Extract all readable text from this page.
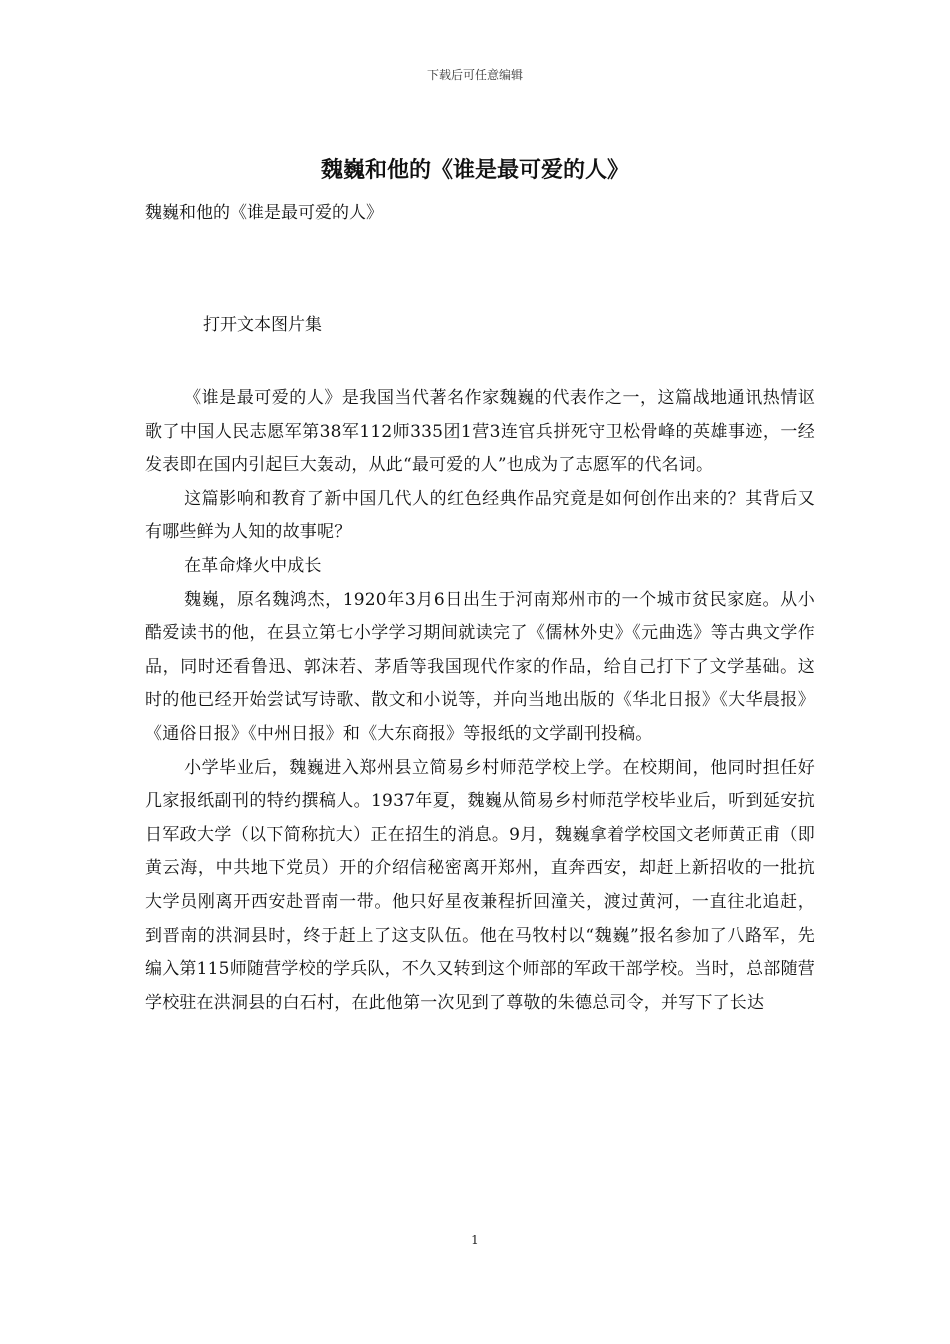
下载后可任意编辑
魏巍和他的《谁是最可爱的人》

魏巍和他的《谁是最可爱的人》

打开文本图片集

《谁是最可爱的人》是我国当代著名作家魏巍的代表作之一，这篇战地通讯热情讴歌了中国人民志愿军第38军112师335团1营3连官兵拼死守卫松骨峰的英雄事迹，一经发表即在国内引起巨大轰动，从此“最可爱的人”也成为了志愿军的代名词。

这篇影响和教育了新中国几代人的红色经典作品究竟是如何创作出来的？其背后又有哪些鲜为人知的故事呢？

在革命烽火中成长

魏巍，原名魏鸿杰，1920年3月6日出生于河南郑州市的一个城市贫民家庭。从小酷爱读书的他，在县立第七小学学习期间就读完了《儒林外史》《元曲选》等古典文学作品，同时还看鲁迅、郭沫若、茅盾等我国现代作家的作品，给自己打下了文学基础。这时的他已经开始尝试写诗歌、散文和小说等，并向当地出版的《华北日报》《大华晨报》《通俗日报》《中州日报》和《大东商报》等报纸的文学副刊投稿。

小学毕业后，魏巍进入郑州县立简易乡村师范学校上学。在校期间，他同时担任好几家报纸副刊的特约撰稿人。1937年夏，魏巍从简易乡村师范学校毕业后，听到延安抗日军政大学（以下简称抗大）正在招生的消息。9月，魏巍拿着学校国文老师黄正甫（即黄云海，中共地下党员）开的介绍信秘密离开郑州，直奔西安，却赶上新招收的一批抗大学员刚离开西安赴晋南一带。他只好星夜兼程折回潼关，渡过黄河，一直往北追赶，到晋南的洪洞县时，终于赶上了这支队伍。他在马牧村以“魏巍”报名参加了八路军，先编入第115师随营学校的学兵队，不久又转到这个师部的军政干部学校。当时，总部随营学校驻在洪洞县的白石村，在此他第一次见到了尊敬的朱德总司令，并写下了长达

1
